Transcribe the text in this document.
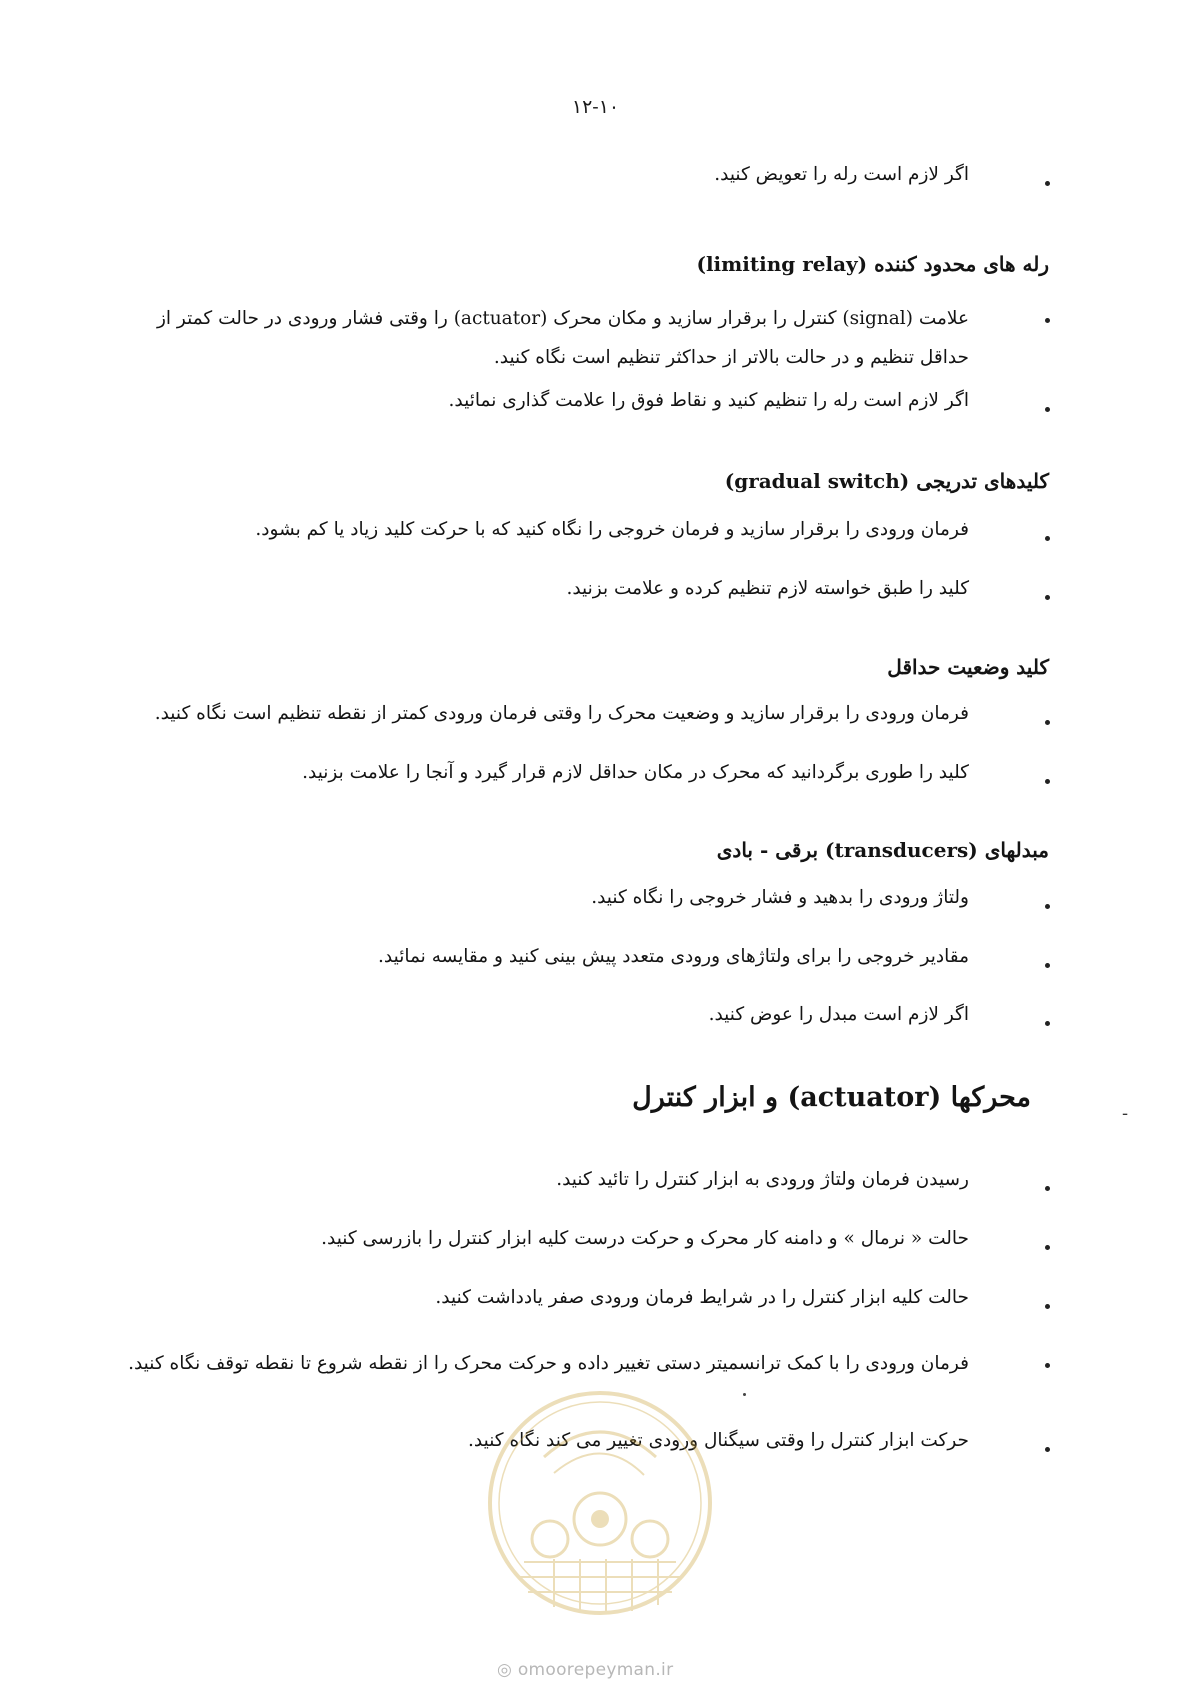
۱۲-۱۰
اگر لازم است رله را تعویض کنید.
رله های محدود کننده (limiting relay)
علامت (signal) کنترل را برقرار سازید و مکان محرک (actuator) را وقتی فشار ورودی در حالت کمتر از حداقل تنظیم و در حالت بالاتر از حداکثر تنظیم است نگاه کنید.
اگر لازم است رله را تنظیم کنید و نقاط فوق را علامت گذاری نمائید.
کلیدهای تدریجی (gradual switch)
فرمان ورودی را برقرار سازید و فرمان خروجی را نگاه کنید که با حرکت کلید زیاد یا کم بشود.
کلید را طبق خواسته لازم تنظیم کرده و علامت بزنید.
کلید وضعیت حداقل
فرمان ورودی را برقرار سازید و وضعیت محرک را وقتی فرمان ورودی کمتر از نقطه تنظیم است نگاه کنید.
کلید را طوری برگردانید که محرک در مکان حداقل لازم قرار گیرد و آنجا را علامت بزنید.
مبدلهای (transducers) برقی - بادی
ولتاژ ورودی را بدهید و فشار خروجی را نگاه کنید.
مقادیر خروجی را برای ولتاژهای ورودی متعدد پیش بینی کنید و مقایسه نمائید.
اگر لازم است مبدل را عوض کنید.
-
محرکها (actuator) و ابزار کنترل
رسیدن فرمان ولتاژ ورودی به ابزار کنترل را تائید کنید.
حالت « نرمال » و دامنه کار محرک و حرکت درست کلیه ابزار کنترل را بازرسی کنید.
حالت کلیه ابزار کنترل را در شرایط فرمان ورودی صفر یادداشت کنید.
فرمان ورودی را با کمک ترانسمیتر دستی تغییر داده و حرکت محرک را از نقطه شروع تا نقطه توقف نگاه کنید.
حرکت ابزار کنترل را وقتی سیگنال ورودی تغییر می کند نگاه کنید.
◎ omoorepeyman.ir
